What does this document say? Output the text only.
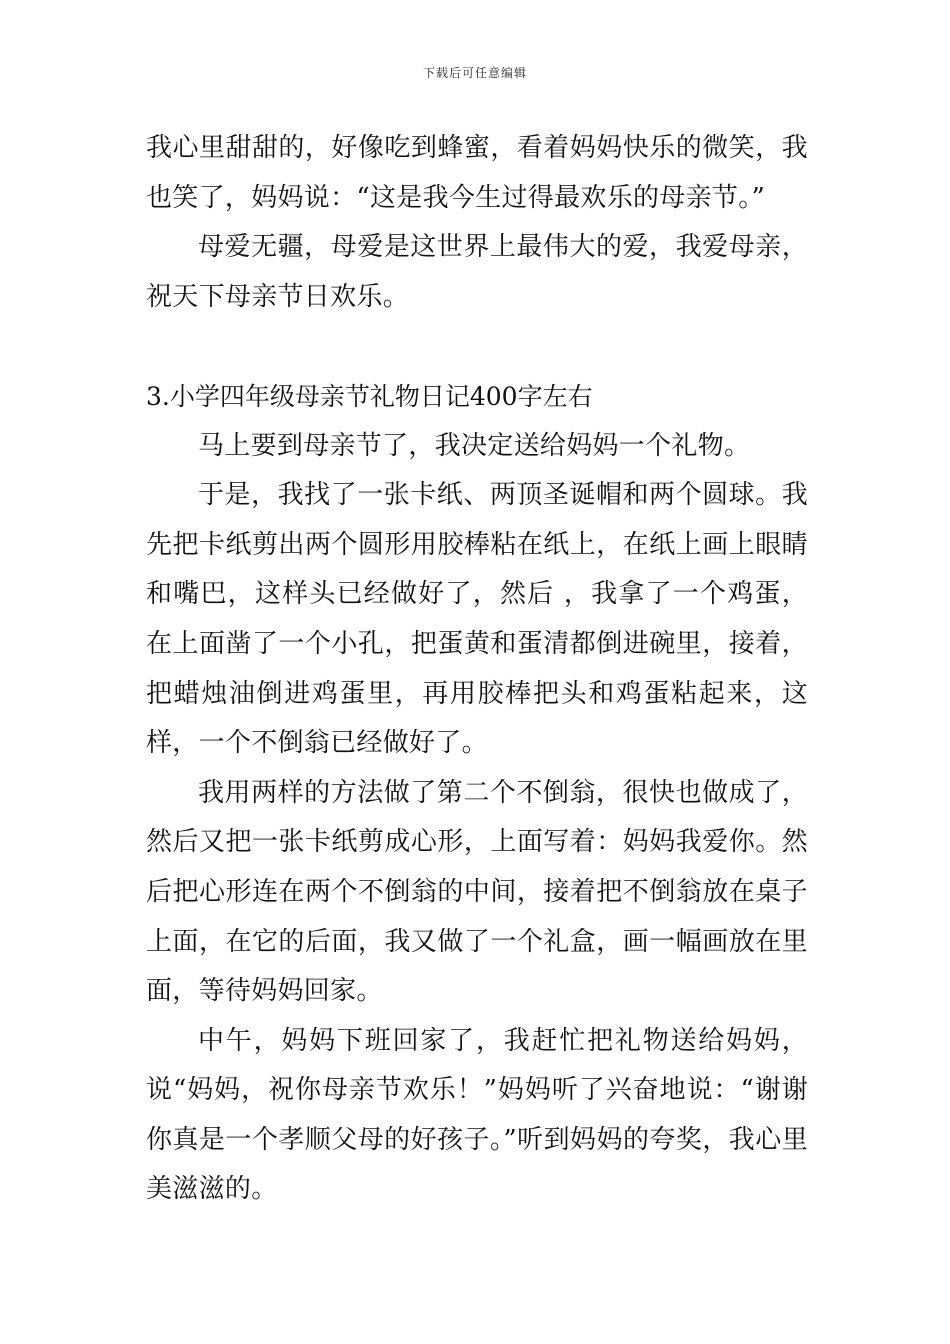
下载后可任意编辑

我心里甜甜的，好像吃到蜂蜜，看着妈妈快乐的微笑，我也笑了，妈妈说：“这是我今生过得最欢乐的母亲节。”

母爱无疆，母爱是这世界上最伟大的爱，我爱母亲，祝天下母亲节日欢乐。

3.小学四年级母亲节礼物日记400字左右

马上要到母亲节了，我决定送给妈妈一个礼物。

于是，我找了一张卡纸、两顶圣诞帽和两个圆球。我先把卡纸剪出两个圆形用胶棒粘在纸上，在纸上画上眼睛和嘴巴，这样头已经做好了，然后 ，我拿了一个鸡蛋，在上面凿了一个小孔，把蛋黄和蛋清都倒进碗里，接着，把蜡烛油倒进鸡蛋里，再用胶棒把头和鸡蛋粘起来，这样，一个不倒翁已经做好了。

我用两样的方法做了第二个不倒翁，很快也做成了，然后又把一张卡纸剪成心形，上面写着：妈妈我爱你。然后把心形连在两个不倒翁的中间，接着把不倒翁放在桌子上面，在它的后面，我又做了一个礼盒，画一幅画放在里面，等待妈妈回家。

中午，妈妈下班回家了，我赶忙把礼物送给妈妈，说“妈妈，祝你母亲节欢乐！”妈妈听了兴奋地说：“谢谢你真是一个孝顺父母的好孩子。”听到妈妈的夸奖，我心里美滋滋的。
